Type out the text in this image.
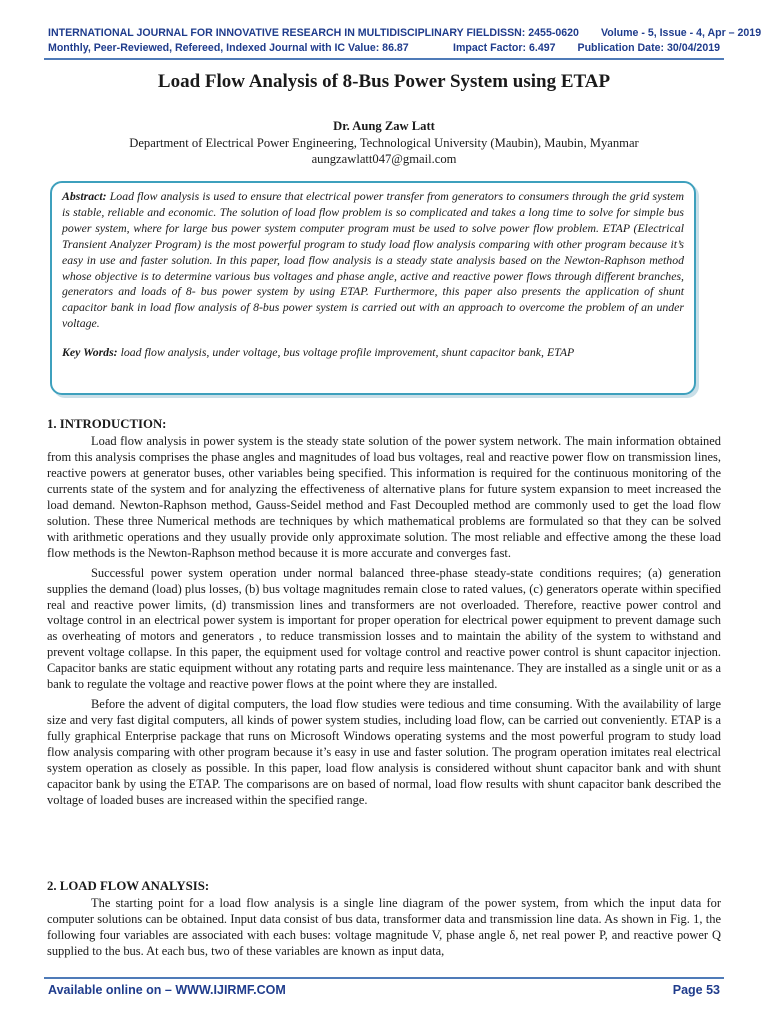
INTERNATIONAL JOURNAL FOR INNOVATIVE RESEARCH IN MULTIDISCIPLINARY FIELD ISSN: 2455-0620 Volume - 5, Issue - 4, Apr – 2019
Monthly, Peer-Reviewed, Refereed, Indexed Journal with IC Value: 86.87	Impact Factor: 6.497 Publication Date: 30/04/2019
Load Flow Analysis of 8-Bus Power System using ETAP
Dr. Aung Zaw Latt
Department of Electrical Power Engineering, Technological University (Maubin), Maubin, Myanmar
aungzawlatt047@gmail.com
Abstract: Load flow analysis is used to ensure that electrical power transfer from generators to consumers through the grid system is stable, reliable and economic. The solution of load flow problem is so complicated and takes a long time to solve for simple bus power system, where for large bus power system computer program must be used to solve power flow problem. ETAP (Electrical Transient Analyzer Program) is the most powerful program to study load flow analysis comparing with other program because it’s easy in use and faster solution. In this paper, load flow analysis is a steady state analysis based on the Newton-Raphson method whose objective is to determine various bus voltages and phase angle, active and reactive power flows through different branches, generators and loads of 8- bus power system by using ETAP. Furthermore, this paper also presents the application of shunt capacitor bank in load flow analysis of 8-bus power system is carried out with an approach to overcome the problem of an under voltage.
Key Words: load flow analysis, under voltage, bus voltage profile improvement, shunt capacitor bank, ETAP
1. INTRODUCTION:

Load flow analysis in power system is the steady state solution of the power system network. The main information obtained from this analysis comprises the phase angles and magnitudes of load bus voltages, real and reactive power flow on transmission lines, reactive powers at generator buses, other variables being specified. This information is required for the continuous monitoring of the currents state of the system and for analyzing the effectiveness of alternative plans for future system expansion to meet increased the load demand. Newton-Raphson method, Gauss-Seidel method and Fast Decoupled method are commonly used to get the load flow solution. These three Numerical methods are techniques by which mathematical problems are formulated so that they can be solved with arithmetic operations and they usually provide only approximate solution. The most reliable and effective among the these load flow methods is the Newton-Raphson method because it is more accurate and converges fast.

Successful power system operation under normal balanced three-phase steady-state conditions requires; (a) generation supplies the demand (load) plus losses, (b) bus voltage magnitudes remain close to rated values, (c) generators operate within specified real and reactive power limits, (d) transmission lines and transformers are not overloaded. Therefore, reactive power control and voltage control in an electrical power system is important for proper operation for electrical power equipment to prevent damage such as overheating of motors and generators , to reduce transmission losses and to maintain the ability of the system to withstand and prevent voltage collapse. In this paper, the equipment used for voltage control and reactive power control is shunt capacitor injection. Capacitor banks are static equipment without any rotating parts and require less maintenance. They are installed as a single unit or as a bank to regulate the voltage and reactive power flows at the point where they are installed.

Before the advent of digital computers, the load flow studies were tedious and time consuming. With the availability of large size and very fast digital computers, all kinds of power system studies, including load flow, can be carried out conveniently. ETAP is a fully graphical Enterprise package that runs on Microsoft Windows operating systems and the most powerful program to study load flow analysis comparing with other program because it’s easy in use and faster solution. The program operation imitates real electrical system operation as closely as possible. In this paper, load flow analysis is considered without shunt capacitor bank and with shunt capacitor bank by using the ETAP. The comparisons are on based of normal, load flow results with shunt capacitor bank described the voltage of loaded buses are increased within the specified range.

2. LOAD FLOW ANALYSIS:

The starting point for a load flow analysis is a single line diagram of the power system, from which the input data for computer solutions can be obtained. Input data consist of bus data, transformer data and transmission line data. As shown in Fig. 1, the following four variables are associated with each buses: voltage magnitude V, phase angle δ, net real power P, and reactive power Q supplied to the bus. At each bus, two of these variables are known as input data,

Available online on – WWW.IJIRMF.COM	Page 53
